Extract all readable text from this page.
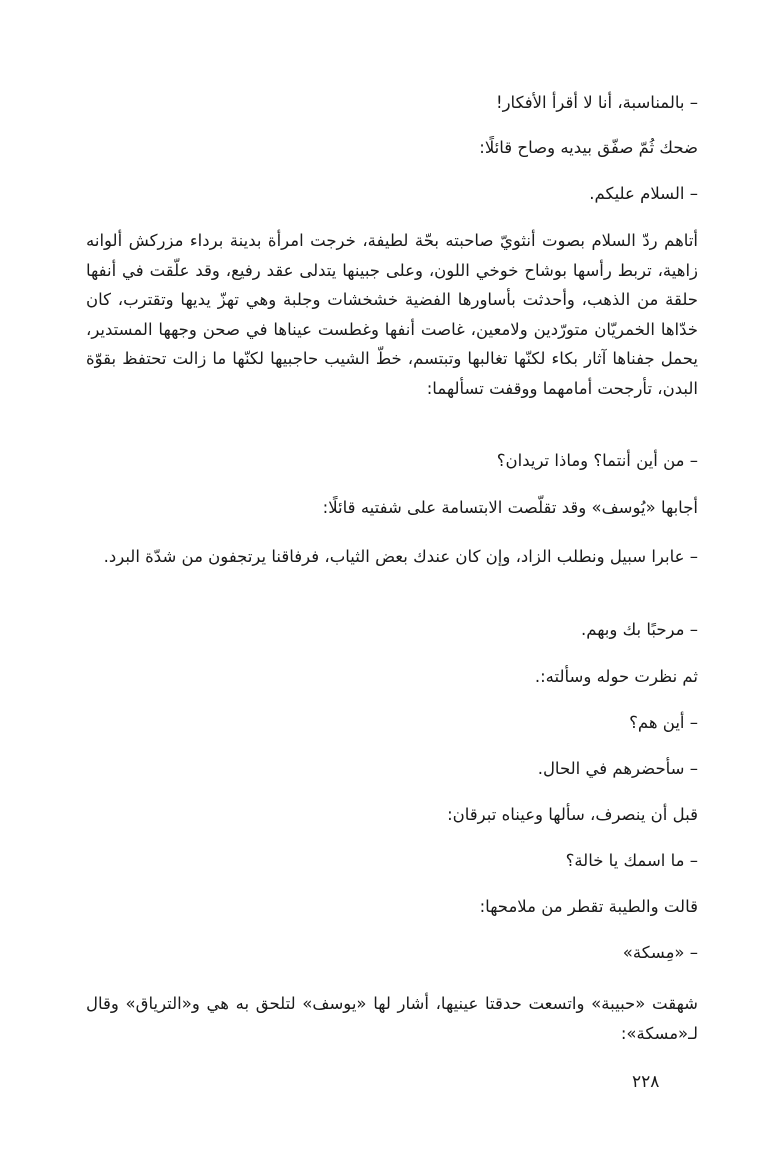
– بالمناسبة، أنا لا أقرأ الأفكار!

ضحك ثُمّ صفّق بيديه وصاح قائلًا:

– السلام عليكم.

أتاهم ردّ السلام بصوت أنثويّ صاحبته بحّة لطيفة، خرجت امرأة بدينة برداء مزركش ألوانه زاهية، تربط رأسها بوشاح خوخي اللون، وعلى جبينها يتدلى عقد رفيع، وقد علّقت في أنفها حلقة من الذهب، وأحدثت بأساورها الفضية خشخشات وجلبة وهي تهزّ يديها وتقترب، كان خدّاها الخمريّان متورّدين ولامعين، غاصت أنفها وغطست عيناها في صحن وجهها المستدير، يحمل جفناها آثار بكاء لكنّها تغالبها وتبتسم، خطّ الشيب حاجبيها لكنّها ما زالت تحتفظ بقوّة البدن، تأرجحت أمامهما ووقفت تسألهما:

– من أين أنتما؟ وماذا تريدان؟

أجابها «يُوسف» وقد تقلّصت الابتسامة على شفتيه قائلًا:

– عابرا سبيل ونطلب الزاد، وإن كان عندك بعض الثياب، فرفاقنا يرتجفون من شدّة البرد.

– مرحبًا بك وبهم.

ثم نظرت حوله وسألته:.

– أين هم؟

– سأحضرهم في الحال.

قبل أن ينصرف، سألها وعيناه تبرقان:

– ما اسمك يا خالة؟

قالت والطيبة تقطر من ملامحها:

– «مِسكة»

شهقت «حبيبة» واتسعت حدقتا عينيها، أشار لها «يوسف» لتلحق به هي و«الترياق» وقال لـ«مسكة»:

٢٢٨
